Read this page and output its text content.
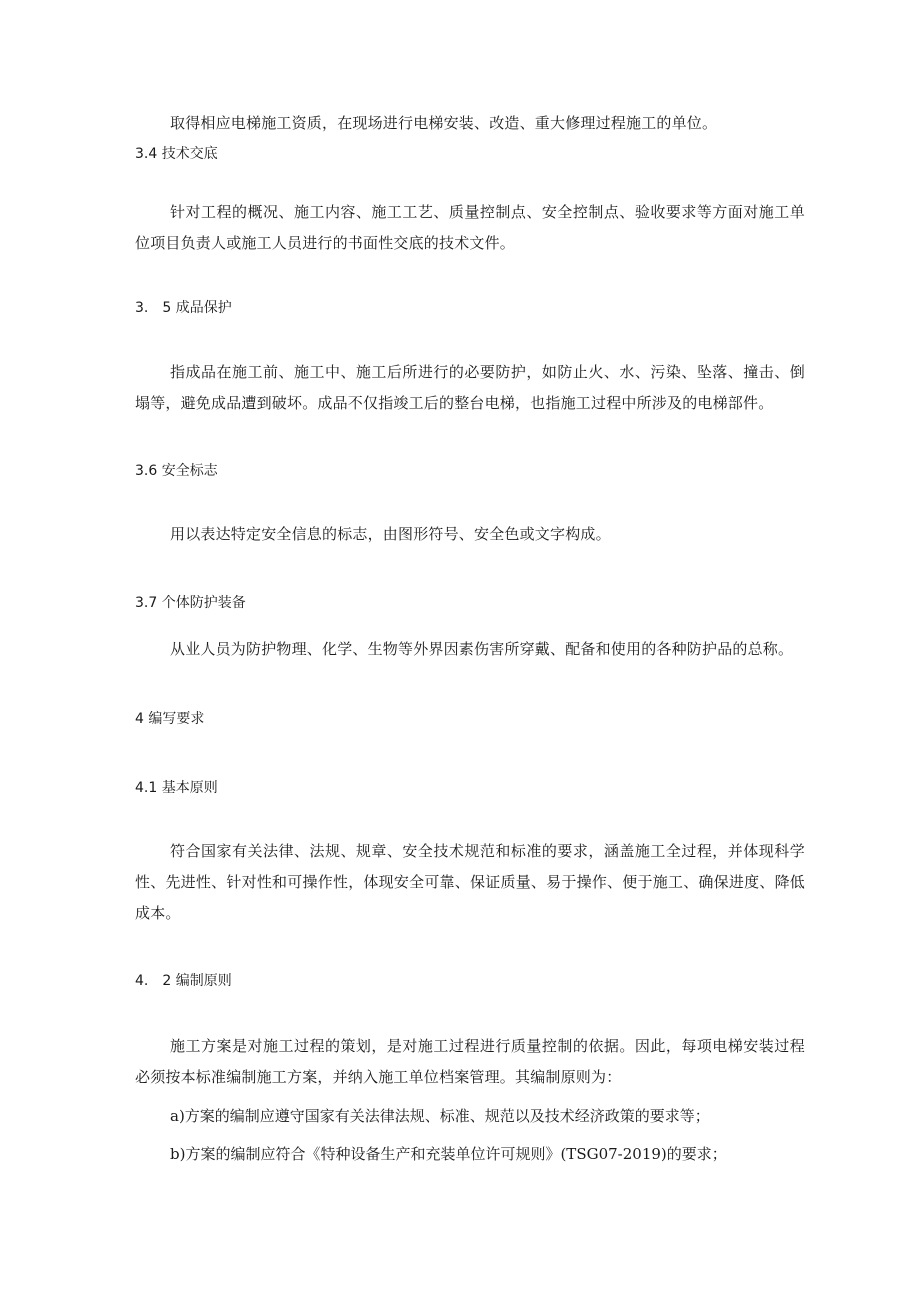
取得相应电梯施工资质，在现场进行电梯安装、改造、重大修理过程施工的单位。

3.4 技术交底

针对工程的概况、施工内容、施工工艺、质量控制点、安全控制点、验收要求等方面对施工单位项目负责人或施工人员进行的书面性交底的技术文件。

3.　5 成品保护

指成品在施工前、施工中、施工后所进行的必要防护，如防止火、水、污染、坠落、撞击、倒塌等，避免成品遭到破坏。成品不仅指竣工后的整台电梯，也指施工过程中所涉及的电梯部件。

3.6 安全标志

用以表达特定安全信息的标志，由图形符号、安全色或文字构成。

3.7 个体防护装备

从业人员为防护物理、化学、生物等外界因素伤害所穿戴、配备和使用的各种防护品的总称。

4 编写要求

4.1 基本原则

符合国家有关法律、法规、规章、安全技术规范和标准的要求，涵盖施工全过程，并体现科学性、先进性、针对性和可操作性，体现安全可靠、保证质量、易于操作、便于施工、确保进度、降低成本。

4.　2 编制原则

施工方案是对施工过程的策划，是对施工过程进行质量控制的依据。因此，每项电梯安装过程必须按本标准编制施工方案，并纳入施工单位档案管理。其编制原则为：

a)方案的编制应遵守国家有关法律法规、标准、规范以及技术经济政策的要求等；

b)方案的编制应符合《特种设备生产和充装单位许可规则》(TSG07-2019)的要求；
